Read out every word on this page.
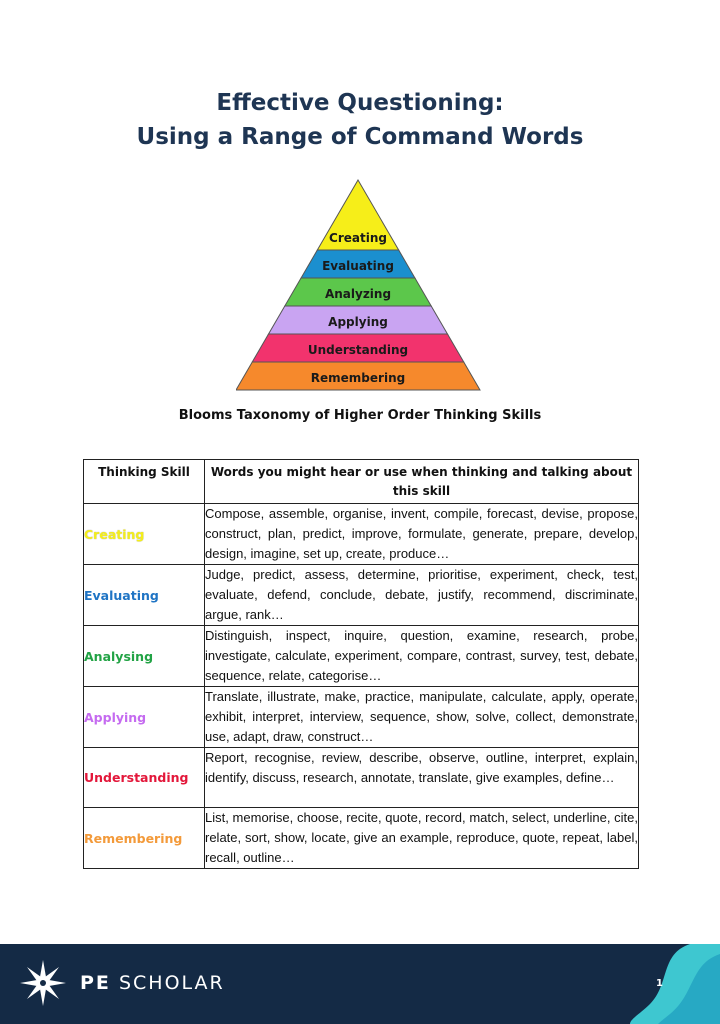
Effective Questioning:
Using a Range of Command Words
Creating
Evaluating
Analyzing
Applying
Understanding
Remembering
Blooms Taxonomy of Higher Order Thinking Skills
Thinking Skill	Words you might hear or use when thinking and talking about this skill
Creating	Compose, assemble, organise, invent, compile, forecast, devise, propose, construct, plan, predict, improve, formulate, generate, prepare, develop, design, imagine, set up, create, produce…
Evaluating	Judge, predict, assess, determine, prioritise, experiment, check, test, evaluate, defend, conclude, debate, justify, recommend, discriminate, argue, rank…
Analysing	Distinguish, inspect, inquire, question, examine, research, probe, investigate, calculate, experiment, compare, contrast, survey, test, debate, sequence, relate, categorise…
Applying	Translate, illustrate, make, practice, manipulate, calculate, apply, operate, exhibit, interpret, interview, sequence, show, solve, collect, demonstrate, use, adapt, draw, construct…
Understanding	Report, recognise, review, describe, observe, outline, interpret, explain, identify, discuss, research, annotate, translate, give examples, define…
Remembering	List, memorise, choose, recite, quote, record, match, select, underline, cite, relate, sort, show, locate, give an example, reproduce, quote, repeat, label, recall, outline…
PE SCHOLAR	1
